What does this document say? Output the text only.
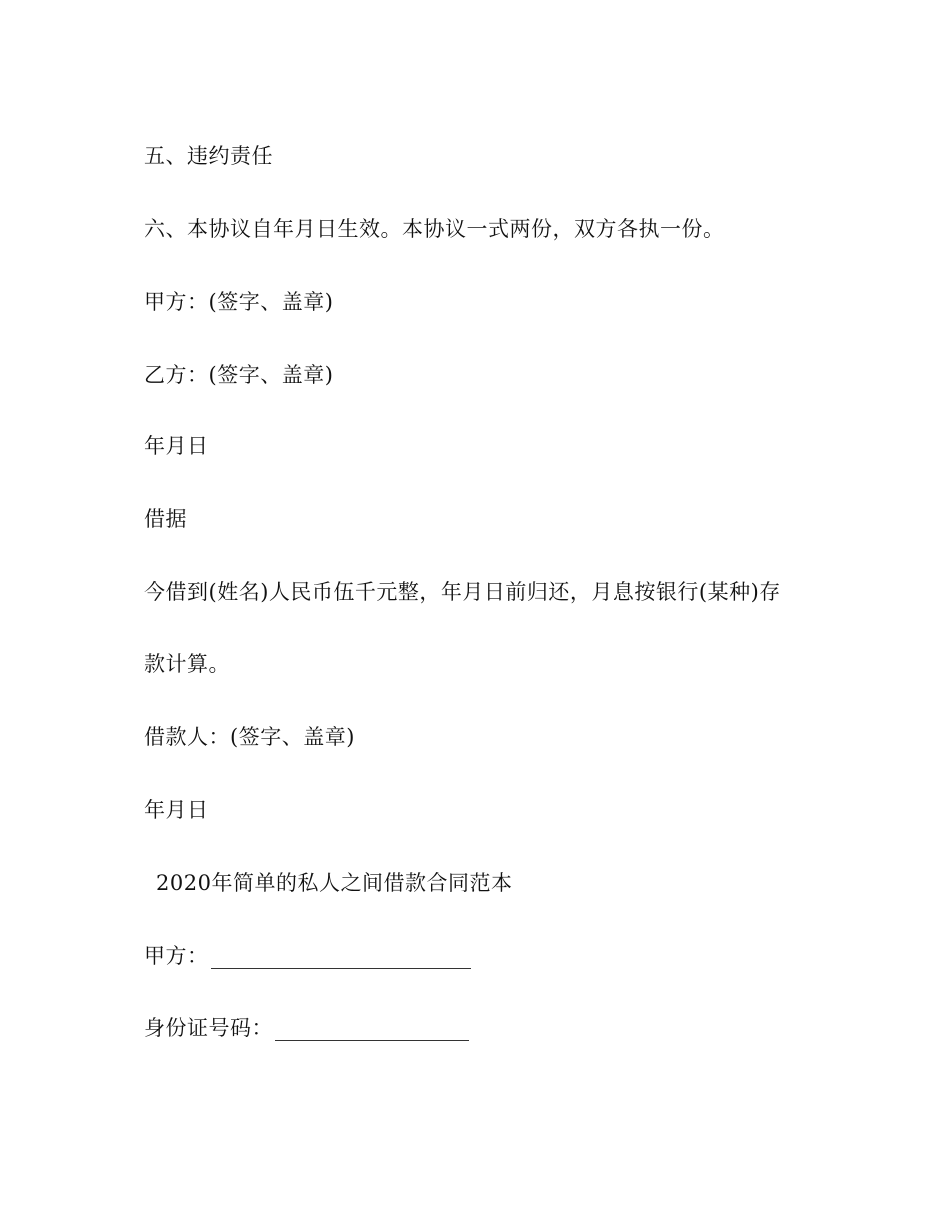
五、违约责任
六、本协议自年月日生效。本协议一式两份，双方各执一份。
甲方：(签字、盖章)
乙方：(签字、盖章)
年月日
借据
今借到(姓名)人民币伍千元整，年月日前归还，月息按银行(某种)存
款计算。
借款人：(签字、盖章)
年月日
2020年简单的私人之间借款合同范本
甲方：
身份证号码：
